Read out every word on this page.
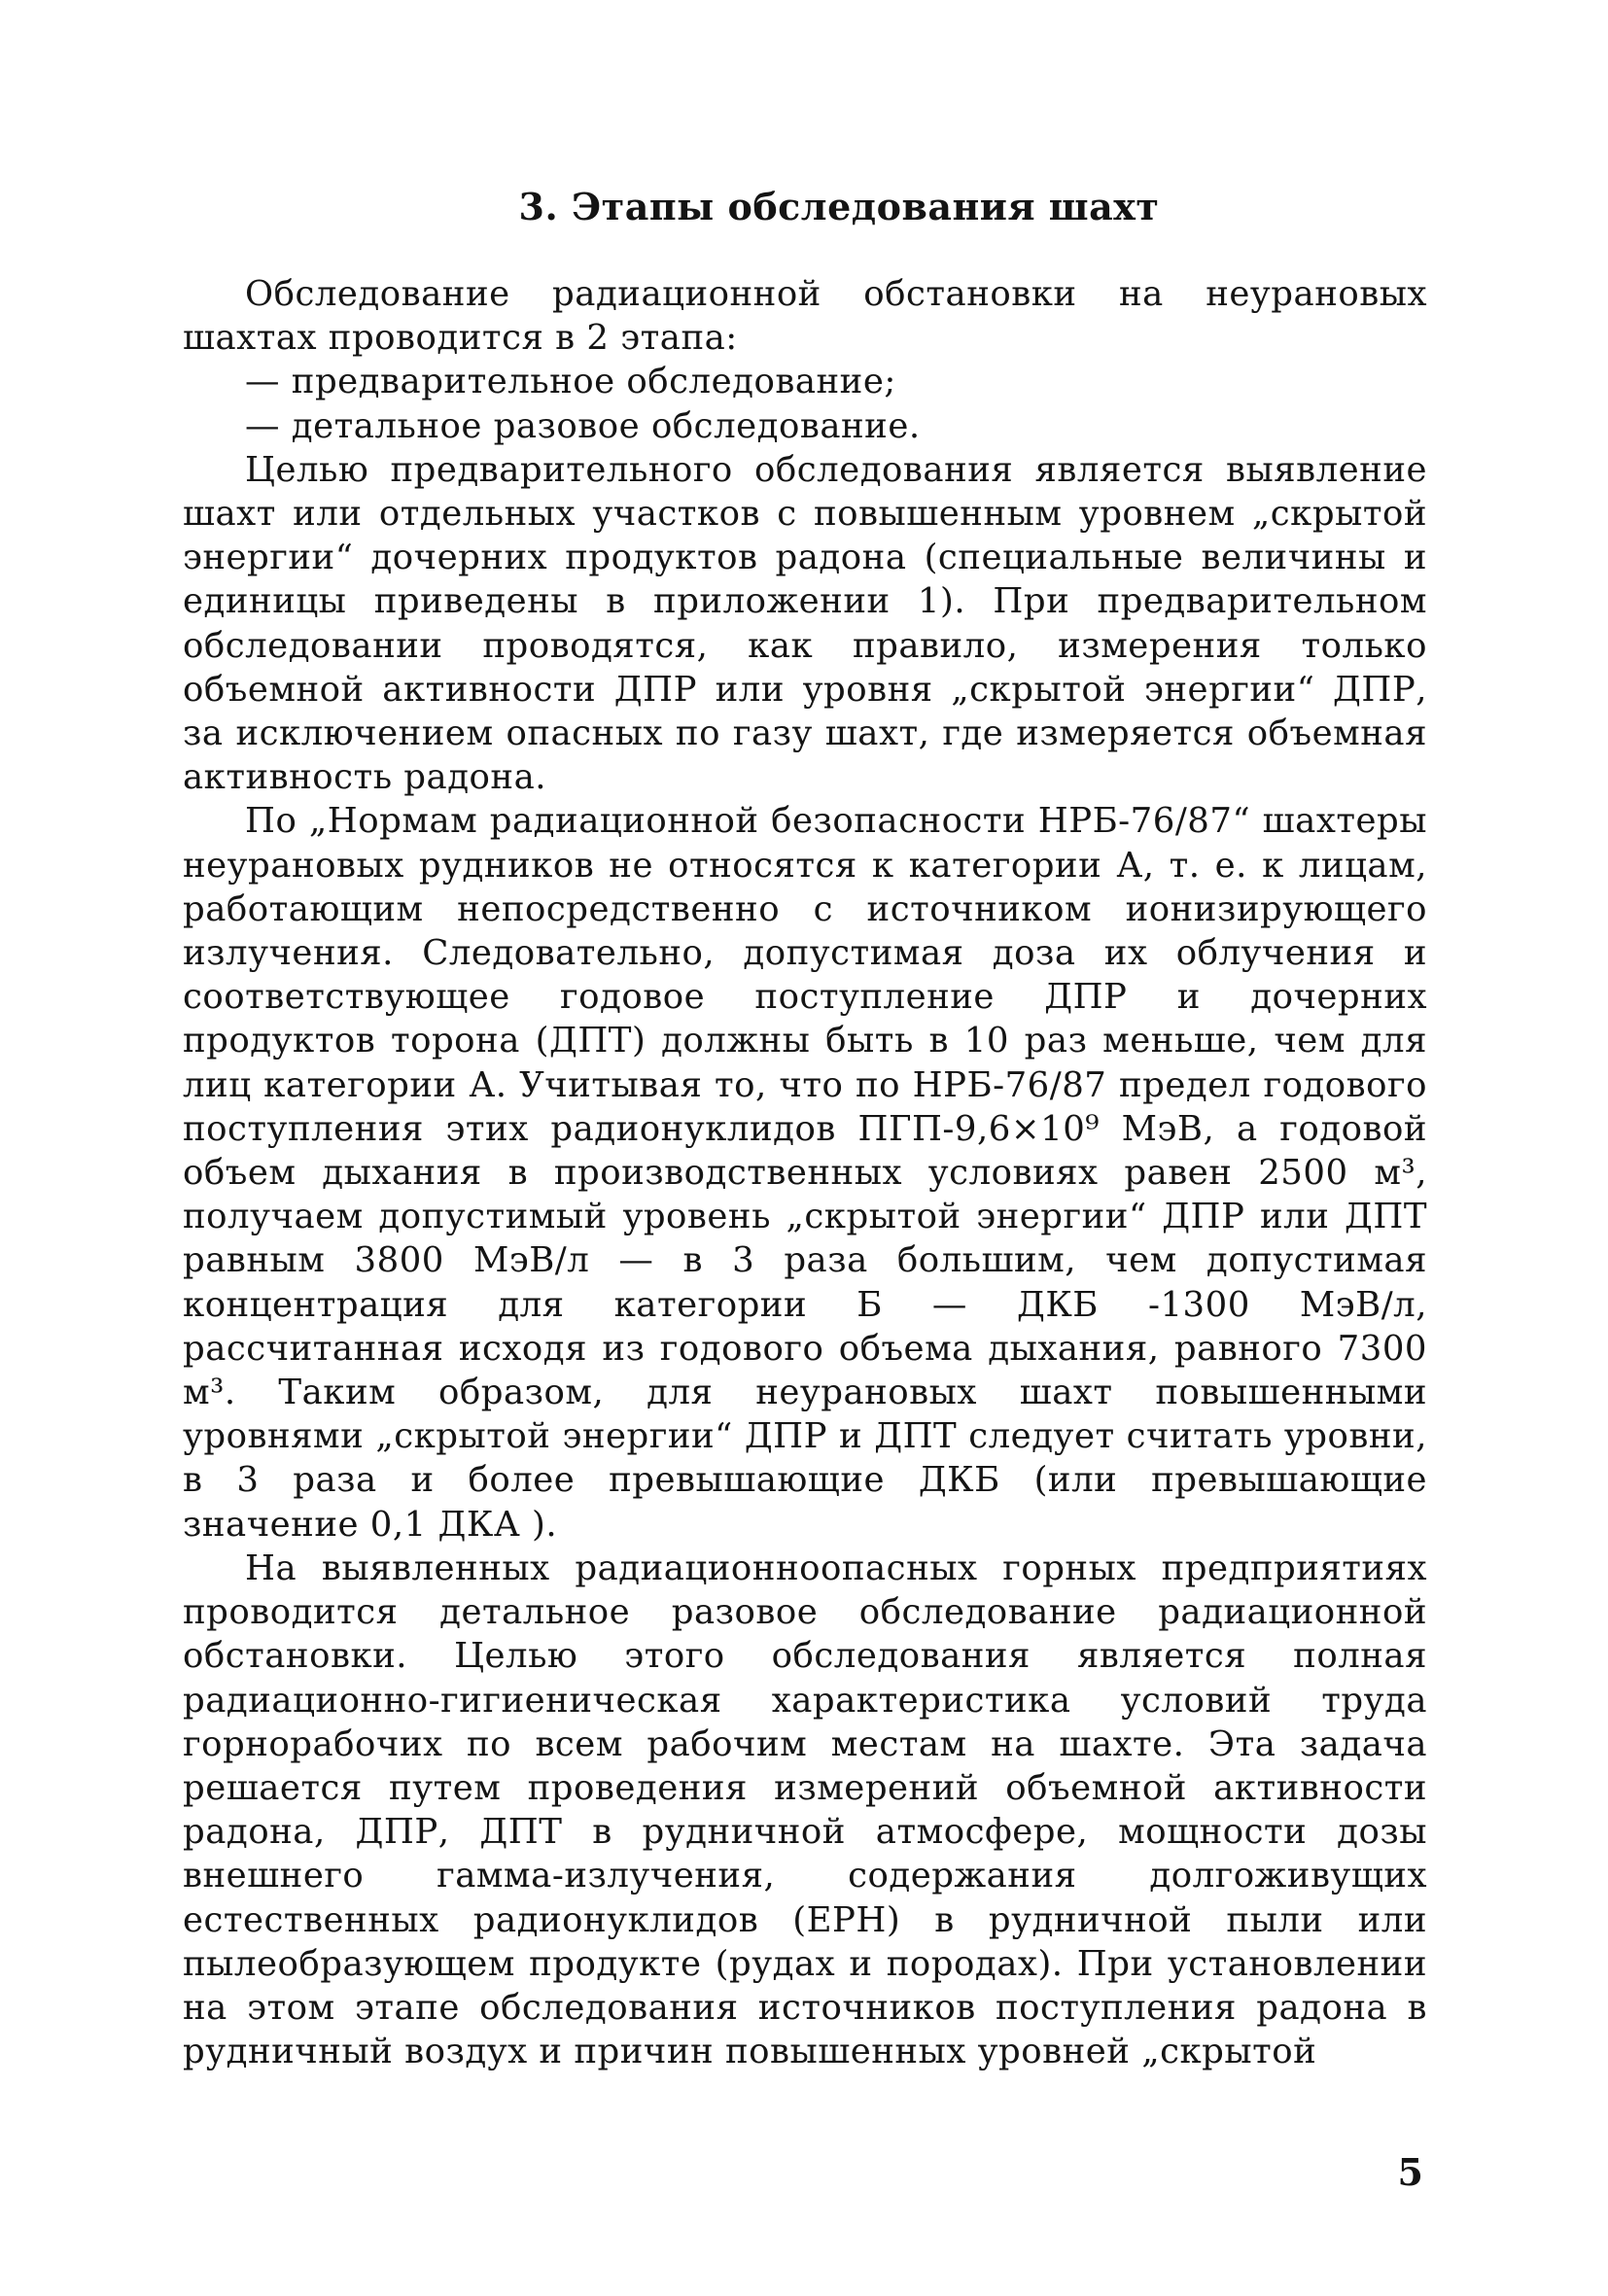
3. Этапы обследования шахт

Обследование радиационной обстановки на неурановых шахтах проводится в 2 этапа:

— предварительное обследование;

— детальное разовое обследование.

Целью предварительного обследования является выявление шахт или отдельных участков с повышенным уровнем „скрытой энергии“ дочерних продуктов радона (специальные величины и единицы приведены в приложении 1). При предварительном обследовании проводятся, как правило, измерения только объемной активности ДПР или уровня „скрытой энергии“ ДПР, за исключением опасных по газу шахт, где измеряется объемная активность радона.

По „Нормам радиационной безопасности НРБ-76/87“ шахтеры неурановых рудников не относятся к категории А, т. е. к лицам, работающим непосредственно с источником ионизирующего излучения. Следовательно, допустимая доза их облучения и соответствующее годовое поступление ДПР и дочерних продуктов торона (ДПТ) должны быть в 10 раз меньше, чем для лиц категории А. Учитывая то, что по НРБ-76/87 предел годового поступления этих радионуклидов ПГП-9,6×10⁹ МэВ, а годовой объем дыхания в производственных условиях равен 2500 м³, получаем допустимый уровень „скрытой энергии“ ДПР или ДПТ равным 3800 МэВ/л — в 3 раза большим, чем допустимая концентрация для категории Б — ДКБ -1300 МэВ/л, рассчитанная исходя из годового объема дыхания, равного 7300 м³. Таким образом, для неурановых шахт повышенными уровнями „скрытой энергии“ ДПР и ДПТ следует считать уровни, в 3 раза и более превышающие ДКБ (или превышающие значение 0,1 ДКА ).

На выявленных радиационноопасных горных предприятиях проводится детальное разовое обследование радиационной обстановки. Целью этого обследования является полная радиационно-гигиеническая характеристика условий труда горнорабочих по всем рабочим местам на шахте. Эта задача решается путем проведения измерений объемной активности радона, ДПР, ДПТ в рудничной атмосфере, мощности дозы внешнего гамма-излучения, содержания долгоживущих естественных радионуклидов (ЕРН) в рудничной пыли или пылеобразующем продукте (рудах и породах). При установлении на этом этапе обследования источников поступления радона в рудничный воздух и причин повышенных уровней „скрытой

5
